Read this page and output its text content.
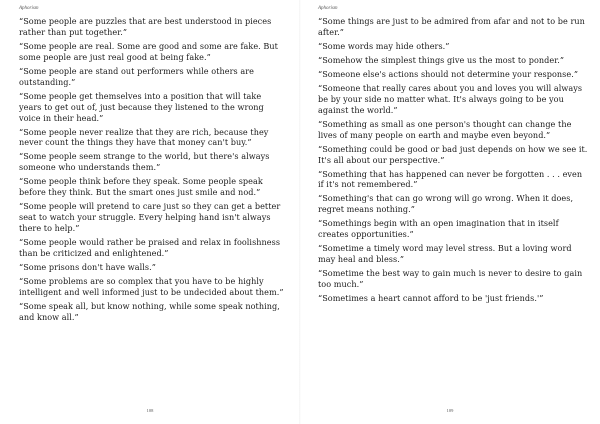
Aphorism
“Some people are puzzles that are best understood in pieces rather than put together.”
“Some people are real. Some are good and some are fake. But some people are just real good at being fake.”
“Some people are stand out performers while others are outstanding.”
“Some people get themselves into a position that will take years to get out of, just because they listened to the wrong voice in their head.”
“Some people never realize that they are rich, because they never count the things they have that money can't buy.”
“Some people seem strange to the world, but there's always someone who understands them.”
“Some people think before they speak. Some people speak before they think. But the smart ones just smile and nod.”
“Some people will pretend to care just so they can get a better seat to watch your struggle. Every helping hand isn't always there to help.”
“Some people would rather be praised and relax in foolishness than be criticized and enlightened.”
“Some prisons don't have walls.”
“Some problems are so complex that you have to be highly intelligent and well informed just to be undecided about them.”
“Some speak all, but know nothing, while some speak nothing, and know all.”
108
Aphorism
“Some things are just to be admired from afar and not to be run after.”
“Some words may hide others.”
“Somehow the simplest things give us the most to ponder.”
“Someone else's actions should not determine your response.”
“Someone that really cares about you and loves you will always be by your side no matter what. It's always going to be you against the world.”
“Something as small as one person's thought can change the lives of many people on earth and maybe even beyond.”
“Something could be good or bad just depends on how we see it. It's all about our perspective.”
“Something that has happened can never be forgotten . . . even if it's not remembered.”
“Something's that can go wrong will go wrong. When it does, regret means nothing.”
“Somethings begin with an open imagination that in itself creates opportunities.”
“Sometime a timely word may level stress. But a loving word may heal and bless.”
“Sometime the best way to gain much is never to desire to gain too much.”
“Sometimes a heart cannot afford to be 'just friends.'”
109
